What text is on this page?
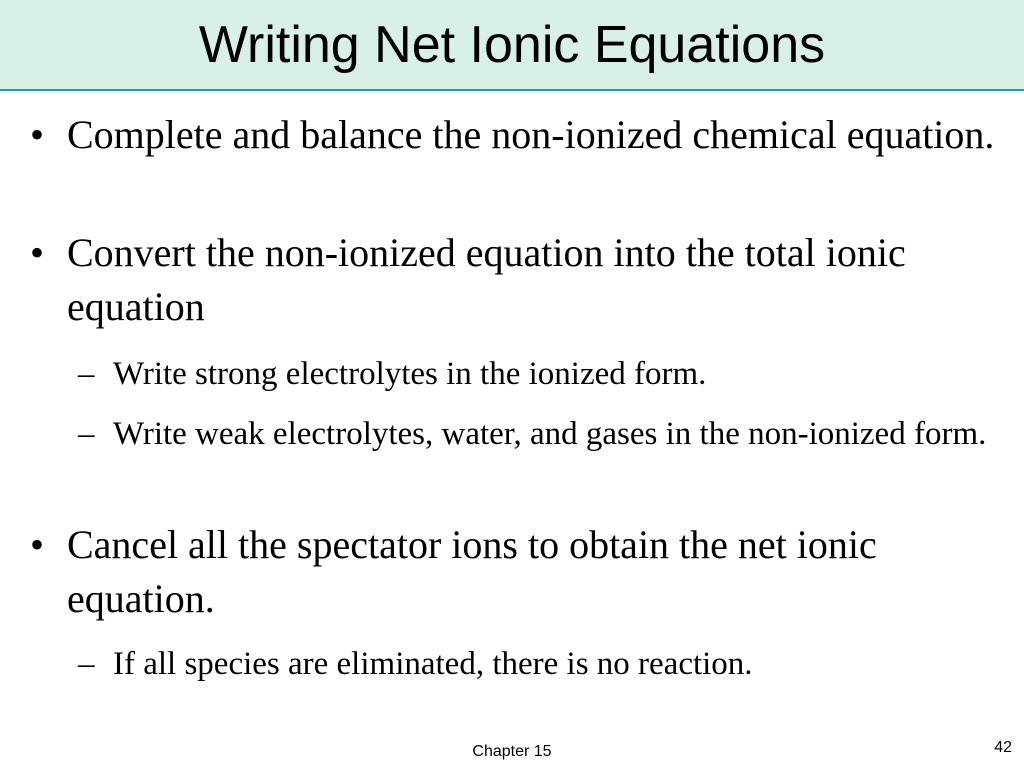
Writing Net Ionic Equations
• Complete and balance the non-ionized chemical equation.
• Convert the non-ionized equation into the total ionic equation
– Write strong electrolytes in the ionized form.
– Write weak electrolytes, water, and gases in the non-ionized form.
• Cancel all the spectator ions to obtain the net ionic equation.
– If all species are eliminated, there is no reaction.
Chapter 15	42
